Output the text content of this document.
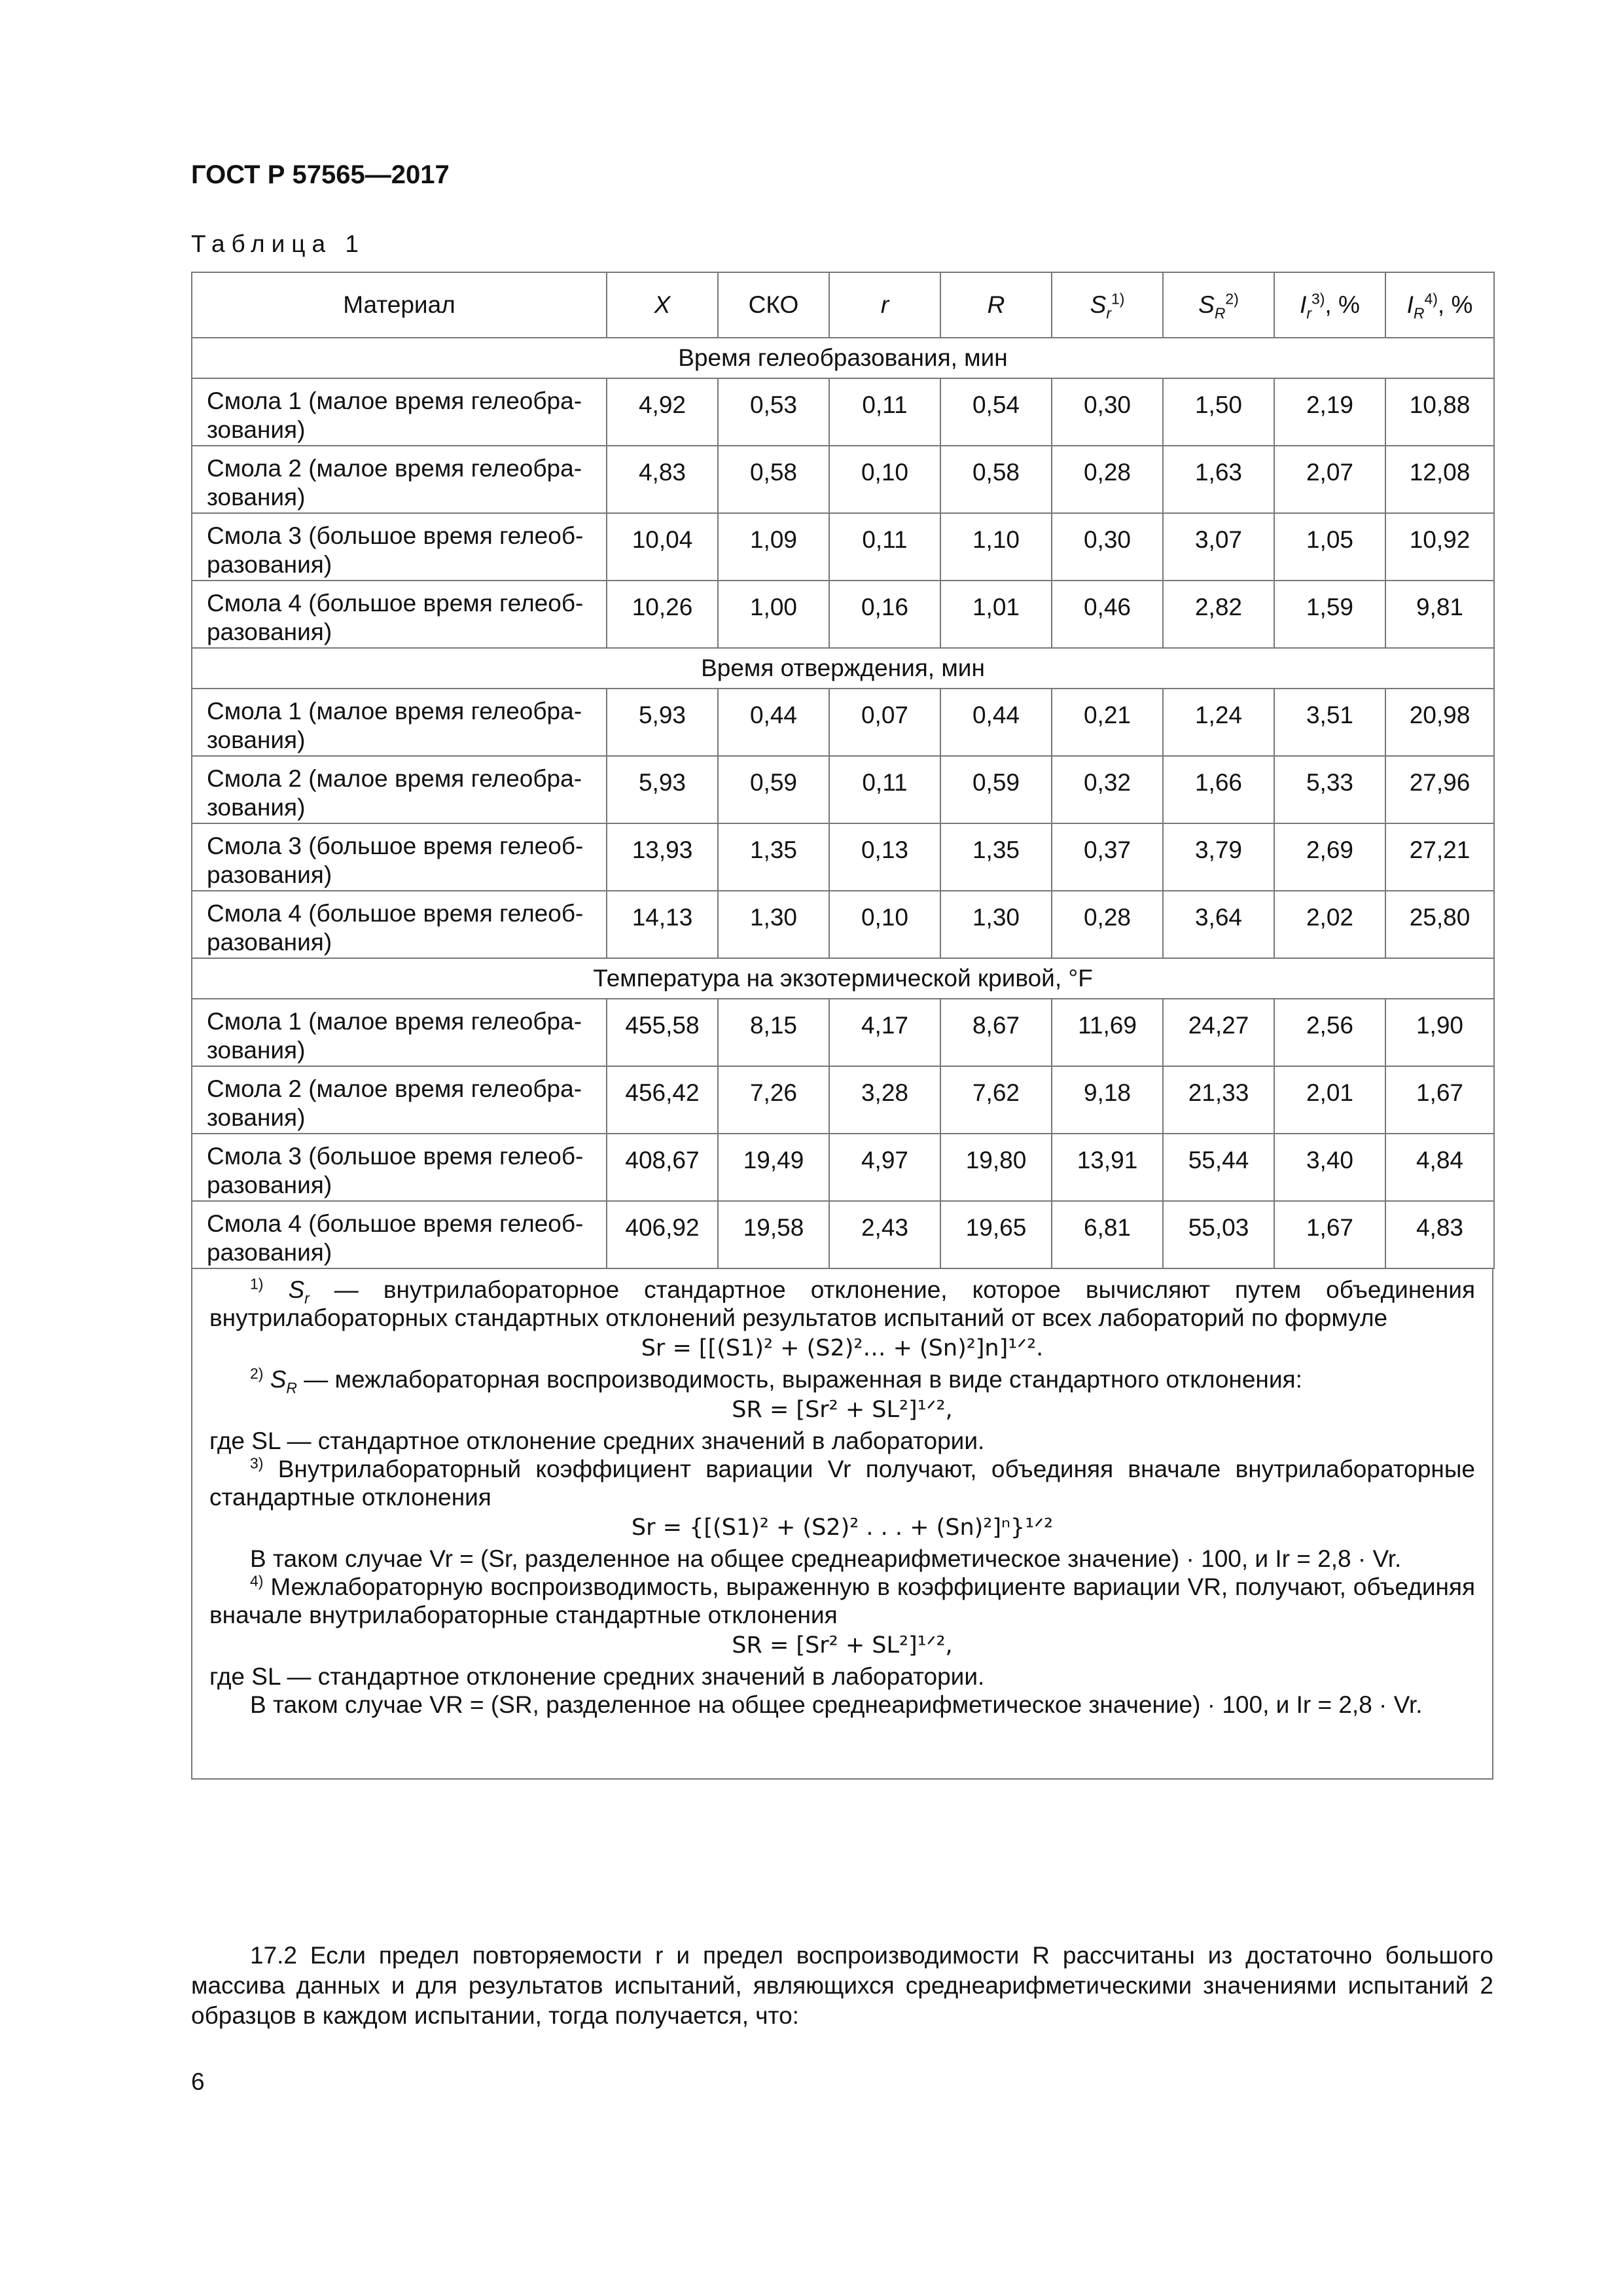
ГОСТ Р 57565—2017
Таблица 1
Материал	X	СКО	r	R	$S_r^{1)}$	$S_R^{2)}$	$I_r^{3)}$, %	$I_R^{4)}$, %
Время гелеобразования, мин								

Смола 1 (малое время гелеобра-
зования)	4,92	0,53	0,11	0,54	0,30	1,50	2,19	10,88

Смола 2 (малое время гелеобра-
зования)	4,83	0,58	0,10	0,58	0,28	1,63	2,07	12,08

Смола 3 (большое время гелеоб-
разования)	10,04	1,09	0,11	1,10	0,30	3,07	1,05	10,92

Смола 4 (большое время гелеоб-
разования)	10,26	1,00	0,16	1,01	0,46	2,82	1,59	9,81
Время отверждения, мин								

Смола 1 (малое время гелеобра-
зования)	5,93	0,44	0,07	0,44	0,21	1,24	3,51	20,98

Смола 2 (малое время гелеобра-
зования)	5,93	0,59	0,11	0,59	0,32	1,66	5,33	27,96

Смола 3 (большое время гелеоб-
разования)	13,93	1,35	0,13	1,35	0,37	3,79	2,69	27,21

Смола 4 (большое время гелеоб-
разования)	14,13	1,30	0,10	1,30	0,28	3,64	2,02	25,80
Температура на экзотермической кривой, °F								

Смола 1 (малое время гелеобра-
зования)	455,58	8,15	4,17	8,67	11,69	24,27	2,56	1,90

Смола 2 (малое время гелеобра-
зования)	456,42	7,26	3,28	7,62	9,18	21,33	2,01	1,67

Смола 3 (большое время гелеоб-
разования)	408,67	19,49	4,97	19,80	13,91	55,44	3,40	4,84

Смола 4 (большое время гелеоб-
разования)	406,92	19,58	2,43	19,65	6,81	55,03	1,67	4,83

$^{1)}$ $S_r$ — внутрилабораторное стандартное отклонение, которое вычисляют путем объединения внутрилабораторных стандартных отклонений результатов испытаний от всех лабораторий по формуле

Sr = [[(S1)² + (S2)²… + (Sn)²]n]¹ᐟ².

$^{2)}$ $S_R$ — межлабораторная воспроизводимость, выраженная в виде стандартного отклонения:

SR = [Sr² + SL²]¹ᐟ²,

где SL — стандартное отклонение средних значений в лаборатории.

$^{3)}$ Внутрилабораторный коэффициент вариации Vr получают, объединяя вначале внутрилабораторные стандартные отклонения

Sr = {[(S1)² + (S2)² . . . + (Sn)²]ⁿ}¹ᐟ²

В таком случае Vr = (Sr, разделенное на общее среднеарифметическое значение) · 100, и Ir = 2,8 · Vr.

$^{4)}$ Межлабораторную воспроизводимость, выраженную в коэффициенте вариации VR, получают, объединяя вначале внутрилабораторные стандартные отклонения

SR = [Sr² + SL²]¹ᐟ²,

где SL — стандартное отклонение средних значений в лаборатории.

В таком случае VR = (SR, разделенное на общее среднеарифметическое значение) · 100, и Ir = 2,8 · Vr.

17.2 Если предел повторяемости r и предел воспроизводимости R рассчитаны из достаточно большого массива данных и для результатов испытаний, являющихся среднеарифметическими значениями испытаний 2 образцов в каждом испытании, тогда получается, что:

6
